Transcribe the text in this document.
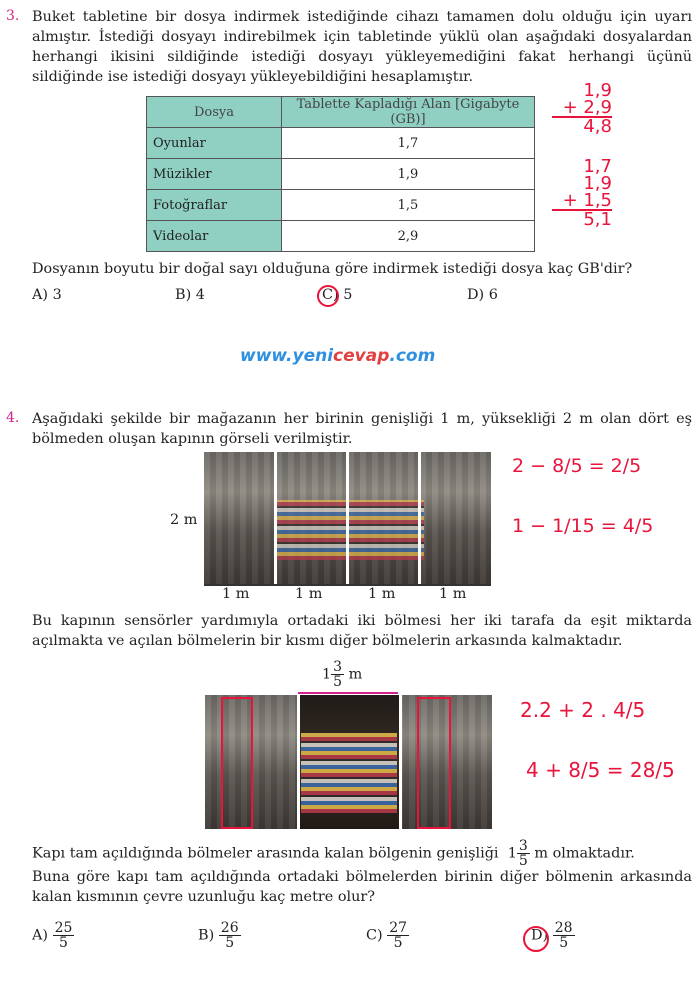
3. Buket tabletine bir dosya indirmek istediğinde cihazı tamamen dolu olduğu için uyarı almıştır. İstediği dosyayı indirebilmek için tabletinde yüklü olan aşağıdaki dosyalardan herhangi ikisini sildiğinde istediği dosyayı yükleyemediğini fakat herhangi üçünü sildiğinde ise istediği dosyayı yükleyebildiğini hesaplamıştır.
Dosya	Tablette Kapladığı Alan [Gigabyte (GB)]
Oyunlar	1,7
Müzikler	1,9
Fotoğraflar	1,5
Videolar	2,9
1,9
+ 2,9
4,8
1,7
1,9
+ 1,5
5,1
Dosyanın boyutu bir doğal sayı olduğuna göre indirmek istediği dosya kaç GB'dir?
A) 3	B) 4	C) 5	D) 6
www.yenicevap.com
4. Aşağıdaki şekilde bir mağazanın her birinin genişliği 1 m, yüksekliği 2 m olan dört eş bölmeden oluşan kapının görseli verilmiştir.
2 m
1 m	1 m	1 m	1 m
2 − 8/5 = 2/5
1 − 1/15 = 4/5
Bu kapının sensörler yardımıyla ortadaki iki bölmesi her iki tarafa da eşit miktarda açılmakta ve açılan bölmelerin bir kısmı diğer bölmelerin arkasında kalmaktadır.
$1 \frac{3}{5}$ m
2.2 + 2 . 4/5
4 + 8/5 = 28/5
Kapı tam açıldığında bölmeler arasında kalan bölgenin genişliği $1 \frac{3}{5}$ m olmaktadır.
Buna göre kapı tam açıldığında ortadaki bölmelerden birinin diğer bölmenin arkasında kalan kısmının çevre uzunluğu kaç metre olur?
$A) \frac{25}{5}$	$B) \frac{26}{5}$	$C) \frac{27}{5}$	$D) \frac{28}{5}$
